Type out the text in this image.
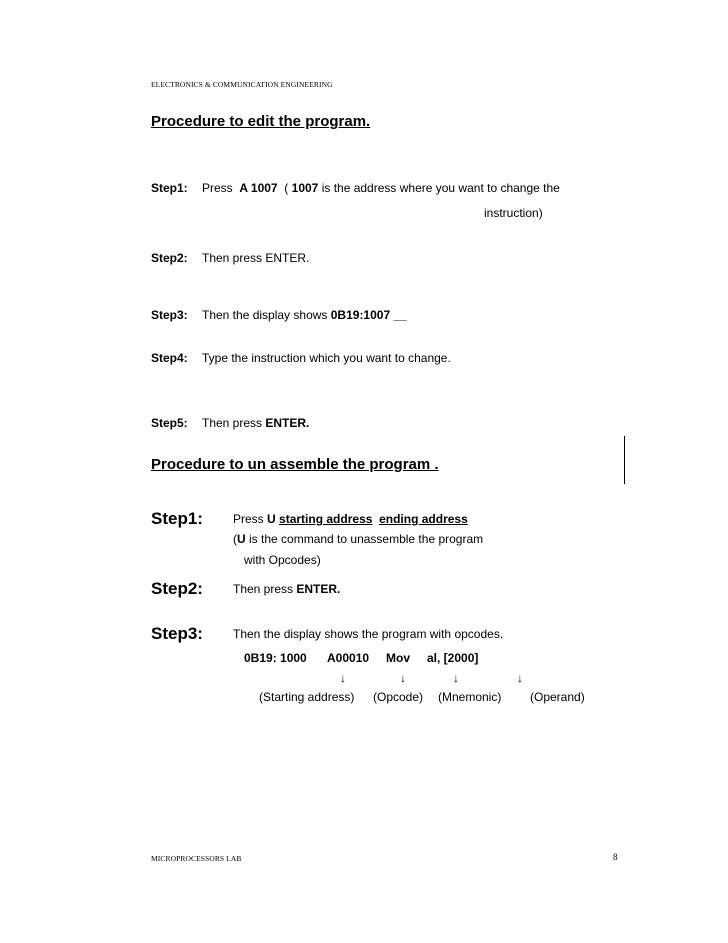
ELECTRONICS & COMMUNICATION ENGINEERING
Procedure to edit the program.
Step1: Press A 1007 ( 1007 is the address where you want to change the
instruction)
Step2: Then press ENTER.
Step3: Then the display shows 0B19:1007 __
Step4: Type the instruction which you want to change.
Step5: Then press ENTER.
Procedure to un assemble the program .
Step1:	Press U starting address ending address
(U is the command to unassemble the program
with Opcodes)
Step2:	Then press ENTER.
Step3:	Then the display shows the program with opcodes.
0B19: 1000 A00010 Mov al, [2000]
↓	↓	↓	↓
(Starting address) (Opcode) (Mnemonic) (Operand)
MICROPROCESSORS LAB	8
